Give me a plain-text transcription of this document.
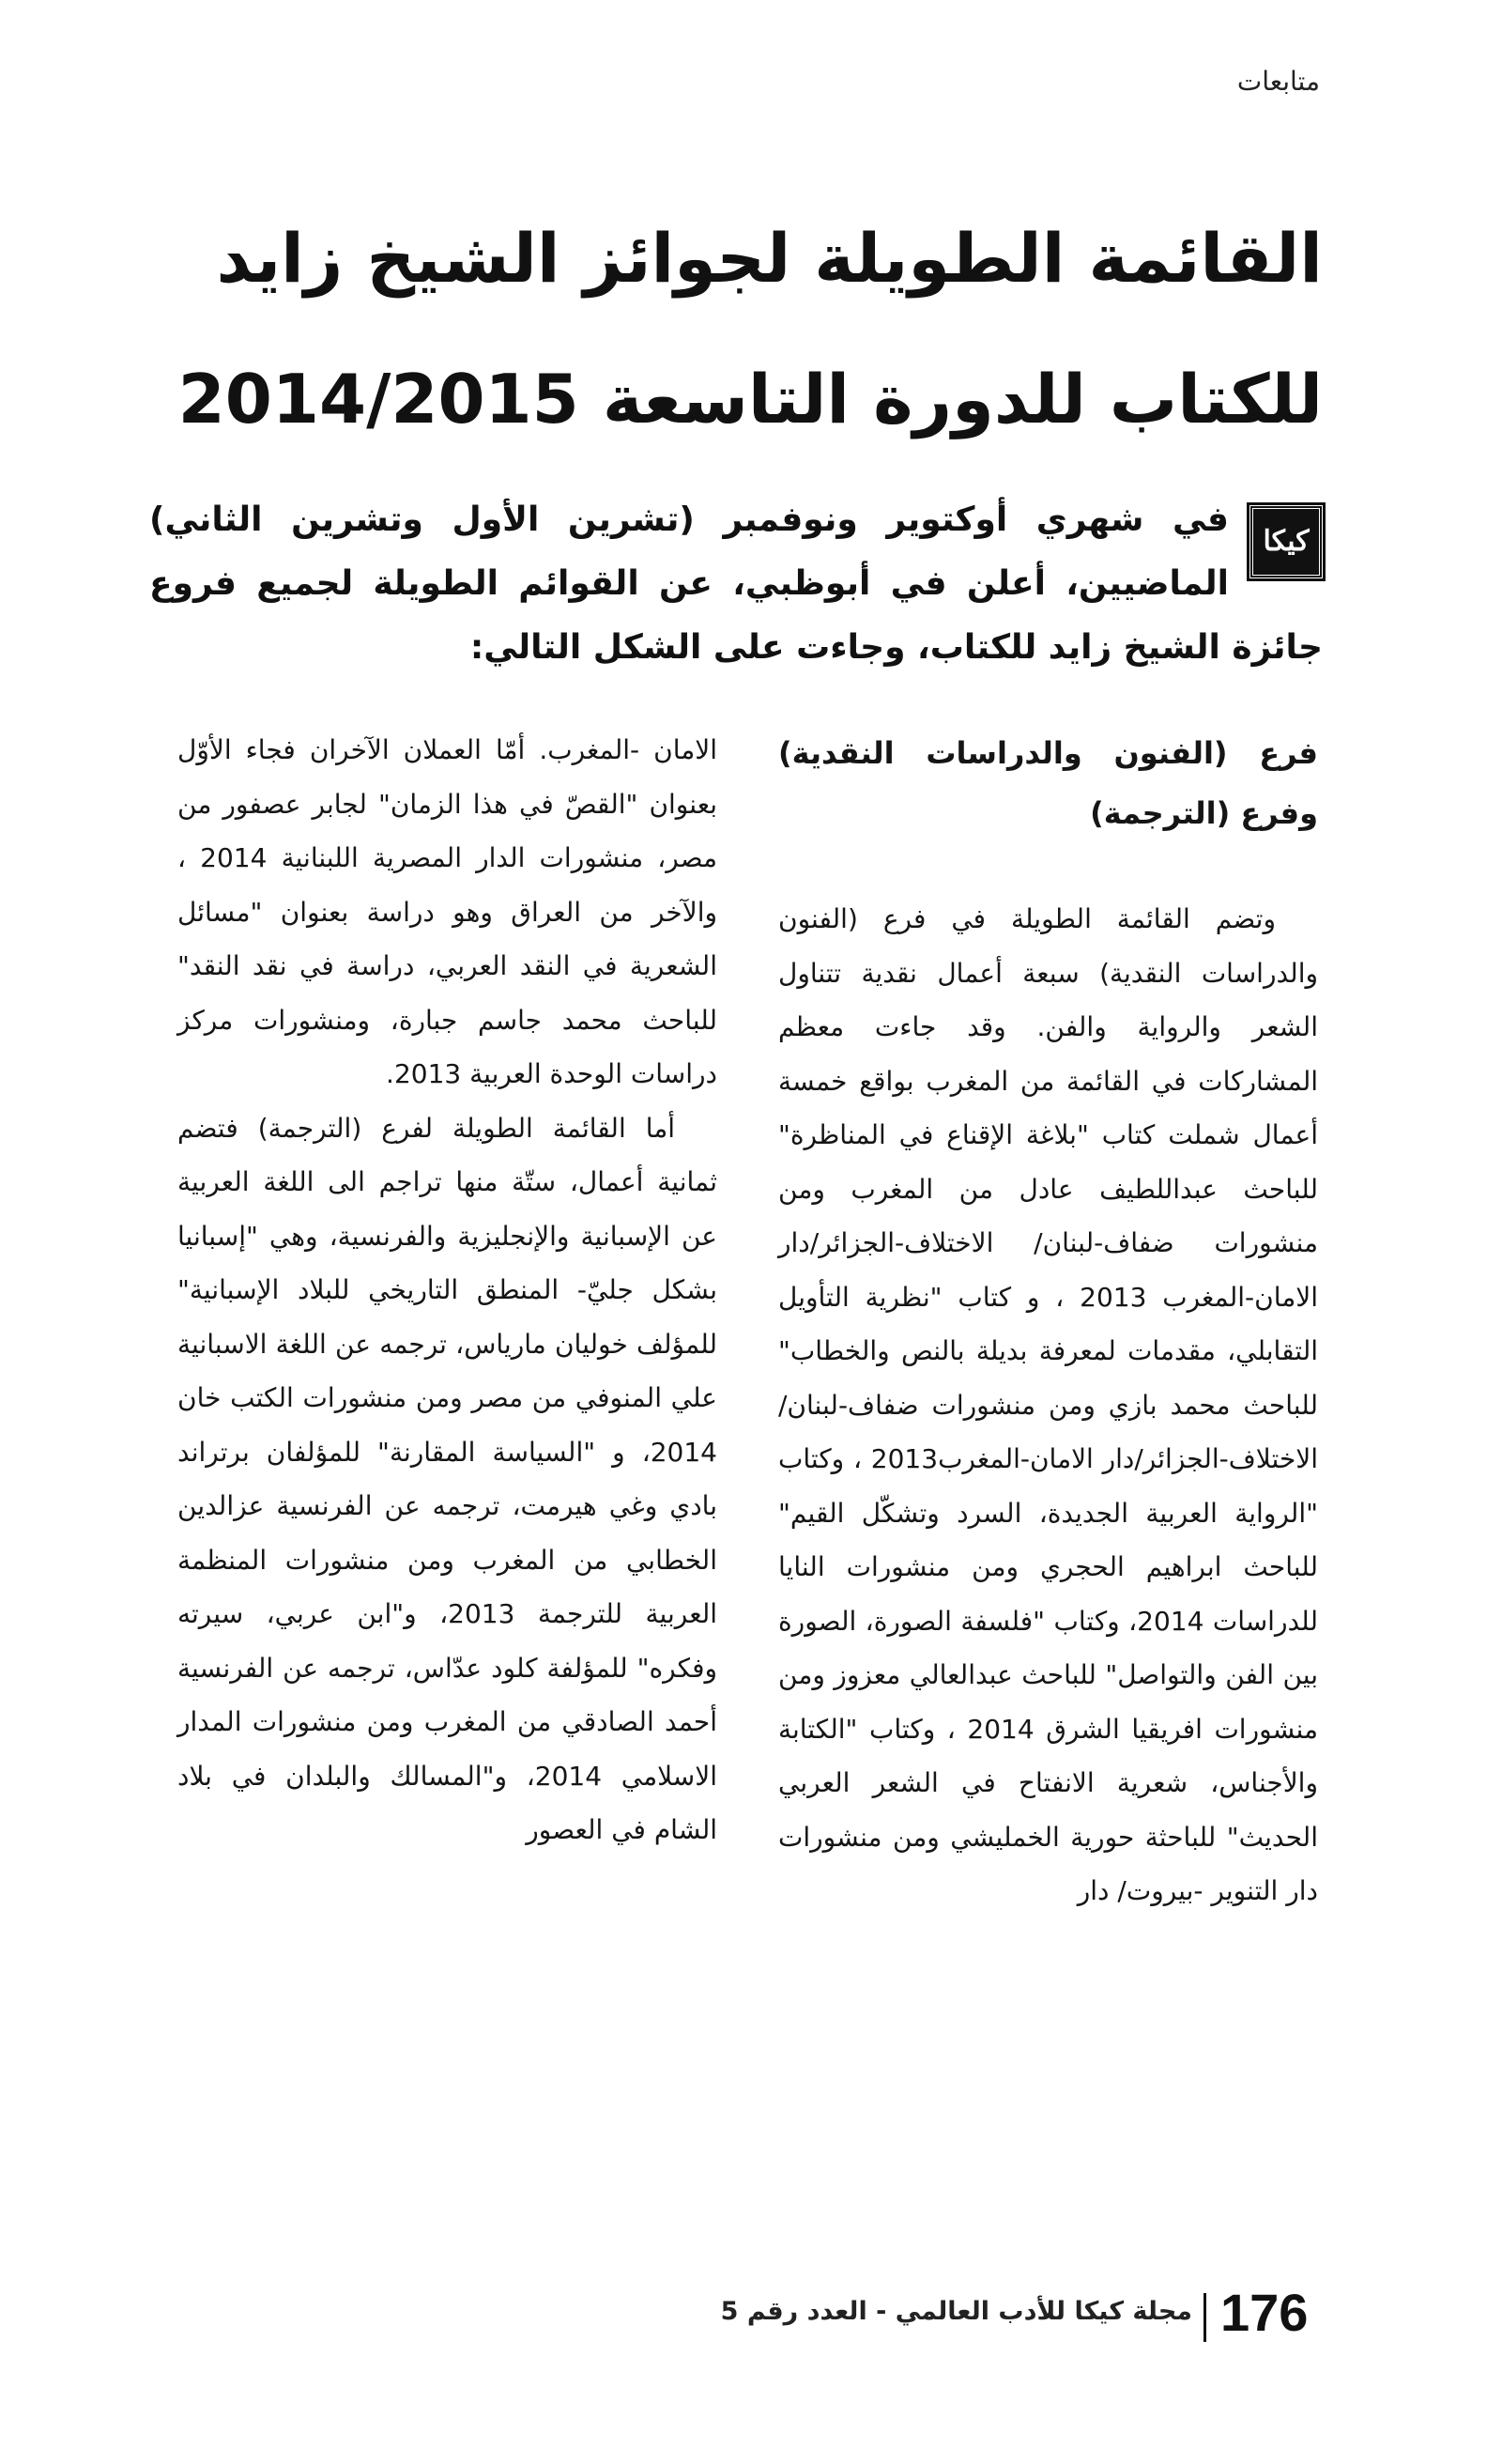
متابعات
القائمة الطويلة لجوائز الشيخ زايد
للكتاب للدورة التاسعة 2014/2015
كيكا
في شهري أوكتوير ونوفمبر (تشرين الأول وتشرين الثاني) الماضيين، أعلن في أبوظبي، عن القوائم الطويلة لجميع فروع جائزة الشيخ زايد للكتاب، وجاءت على الشكل التالي:
فرع (الفنون والدراسات النقدية) وفرع (الترجمة)

وتضم القائمة الطويلة في فرع (الفنون والدراسات النقدية) سبعة أعمال نقدية تتناول الشعر والرواية والفن. وقد جاءت معظم المشاركات في القائمة من المغرب بواقع خمسة أعمال شملت كتاب "بلاغة الإقناع في المناظرة" للباحث عبداللطيف عادل من المغرب ومن منشورات ضفاف-لبنان/ الاختلاف-الجزائر/دار الامان-المغرب 2013 ، و كتاب "نظرية التأويل التقابلي، مقدمات لمعرفة بديلة بالنص والخطاب" للباحث محمد بازي ومن منشورات ضفاف-لبنان/ الاختلاف-الجزائر/دار الامان-المغرب2013 ، وكتاب "الرواية العربية الجديدة، السرد وتشكّل القيم" للباحث ابراهيم الحجري ومن منشورات النايا للدراسات 2014، وكتاب "فلسفة الصورة، الصورة بين الفن والتواصل" للباحث عبدالعالي معزوز ومن منشورات افريقيا الشرق 2014 ، وكتاب "الكتابة والأجناس، شعرية الانفتاح في الشعر العربي الحديث" للباحثة حورية الخمليشي ومن منشورات دار التنوير -بيروت/ دار

الامان -المغرب. أمّا العملان الآخران فجاء الأوّل بعنوان "القصّ في هذا الزمان" لجابر عصفور من مصر، منشورات الدار المصرية اللبنانية 2014 ، والآخر من العراق وهو دراسة بعنوان "مسائل الشعرية في النقد العربي، دراسة في نقد النقد" للباحث محمد جاسم جبارة، ومنشورات مركز دراسات الوحدة العربية 2013.

أما القائمة الطويلة لفرع (الترجمة) فتضم ثمانية أعمال، ستّة منها تراجم الى اللغة العربية عن الإسبانية والإنجليزية والفرنسية، وهي "إسبانيا بشكل جليّ- المنطق التاريخي للبلاد الإسبانية" للمؤلف خوليان مارياس، ترجمه عن اللغة الاسبانية علي المنوفي من مصر ومن منشورات الكتب خان 2014، و "السياسة المقارنة" للمؤلفان برتراند بادي وغي هيرمت، ترجمه عن الفرنسية عزالدين الخطابي من المغرب ومن منشورات المنظمة العربية للترجمة 2013، و"ابن عربي، سيرته وفكره" للمؤلفة كلود عدّاس، ترجمه عن الفرنسية أحمد الصادقي من المغرب ومن منشورات المدار الاسلامي 2014، و"المسالك والبلدان في بلاد الشام في العصور

مجلة كيكا للأدب العالمي - العدد رقم 5 176
